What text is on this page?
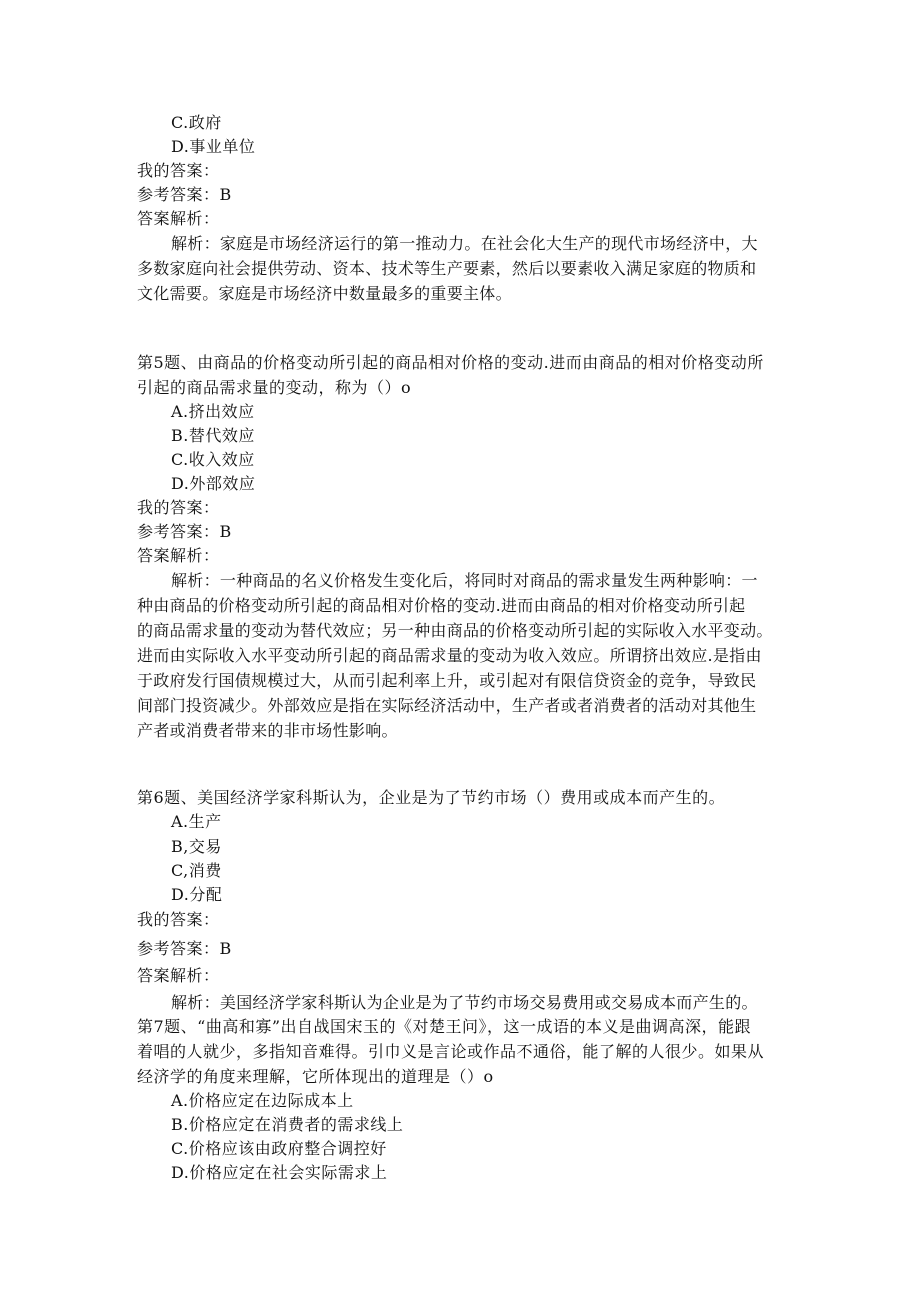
C.政府
D.事业单位
我的答案：
参考答案：B
答案解析：
解析：家庭是市场经济运行的第一推动力。在社会化大生产的现代市场经济中，大
多数家庭向社会提供劳动、资本、技术等生产要素，然后以要素收入满足家庭的物质和
文化需要。家庭是市场经济中数量最多的重要主体。
第5题、由商品的价格变动所引起的商品相对价格的变动.进而由商品的相对价格变动所
引起的商品需求量的变动，称为（）o
A.挤出效应
B.替代效应
C.收入效应
D.外部效应
我的答案：
参考答案：B
答案解析：
解析：一种商品的名义价格发生变化后，将同时对商品的需求量发生两种影响：一
种由商品的价格变动所引起的商品相对价格的变动.进而由商品的相对价格变动所引起
的商品需求量的变动为替代效应；另一种由商品的价格变动所引起的实际收入水平变动。
进而由实际收入水平变动所引起的商品需求量的变动为收入效应。所谓挤出效应.是指由
于政府发行国债规模过大，从而引起利率上升，或引起对有限信贷资金的竞争，导致民
间部门投资减少。外部效应是指在实际经济活动中，生产者或者消费者的活动对其他生
产者或消费者带来的非市场性影响。
第6题、美国经济学家科斯认为，企业是为了节约市场（）费用或成本而产生的。
A.生产
B,交易
C,消费
D.分配
我的答案：
参考答案：B
答案解析：
解析：美国经济学家科斯认为企业是为了节约市场交易费用或交易成本而产生的。
第7题、“曲高和寡”出自战国宋玉的《对楚王问》，这一成语的本义是曲调高深，能跟
着唱的人就少，多指知音难得。引巾义是言论或作品不通俗，能了解的人很少。如果从
经济学的角度来理解，它所体现出的道理是（）o
A.价格应定在边际成本上
B.价格应定在消费者的需求线上
C.价格应该由政府整合调控好
D.价格应定在社会实际需求上
